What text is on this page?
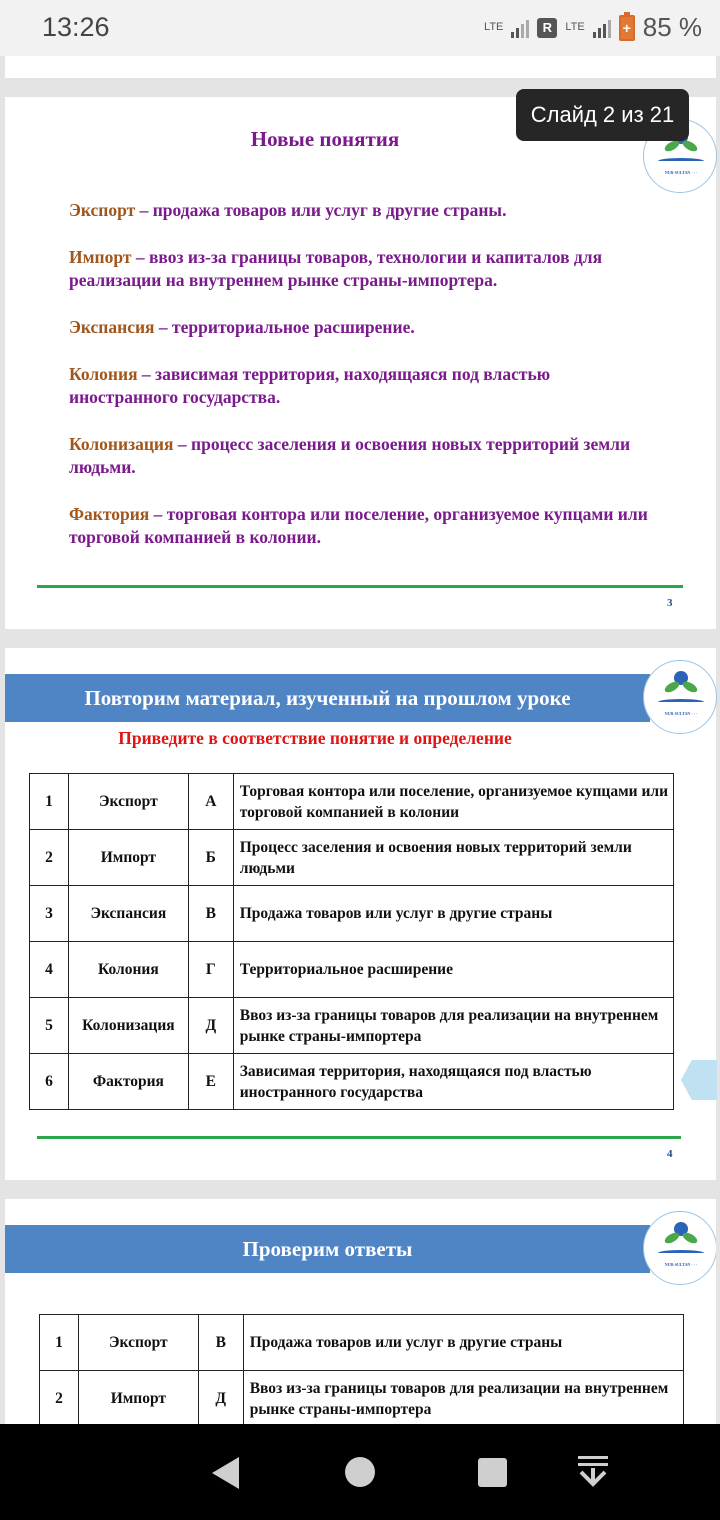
13:26	LTE	R	LTE	+ 85 %
Новые понятия
NUR-SULTAN · · ·

Экспорт – продажа товаров или услуг в другие страны.

Импорт – ввоз из-за границы товаров, технологии и капиталов для реализации на внутреннем рынке страны-импортера.

Экспансия – территориальное расширение.

Колония – зависимая территория, находящаяся под властью иностранного государства.

Колонизация – процесс заселения и освоения новых территорий земли людьми.

Фактория – торговая контора или поселение, организуемое купцами или торговой компанией в колонии.

3
Слайд 2 из 21
Повторим материал, изученный на прошлом уроке
NUR-SULTAN · · ·
Приведите в соответствие понятие и определение
1	Экспорт	А	Торговая контора или поселение, организуемое купцами или торговой компанией в колонии
2	Импорт	Б	Процесс заселения и освоения новых территорий земли людьми
3	Экспансия	В	Продажа товаров или услуг в другие страны
4	Колония	Г	Территориальное расширение
5	Колонизация	Д	Ввоз из-за границы товаров для реализации на внутреннем рынке страны-импортера
6	Фактория	Е	Зависимая территория, находящаяся под властью иностранного государства
4
Проверим ответы
NUR-SULTAN · · ·
1	Экспорт	В	Продажа товаров или услуг в другие страны
2	Импорт	Д	Ввоз из-за границы товаров для реализации на внутреннем рынке страны-импортера
